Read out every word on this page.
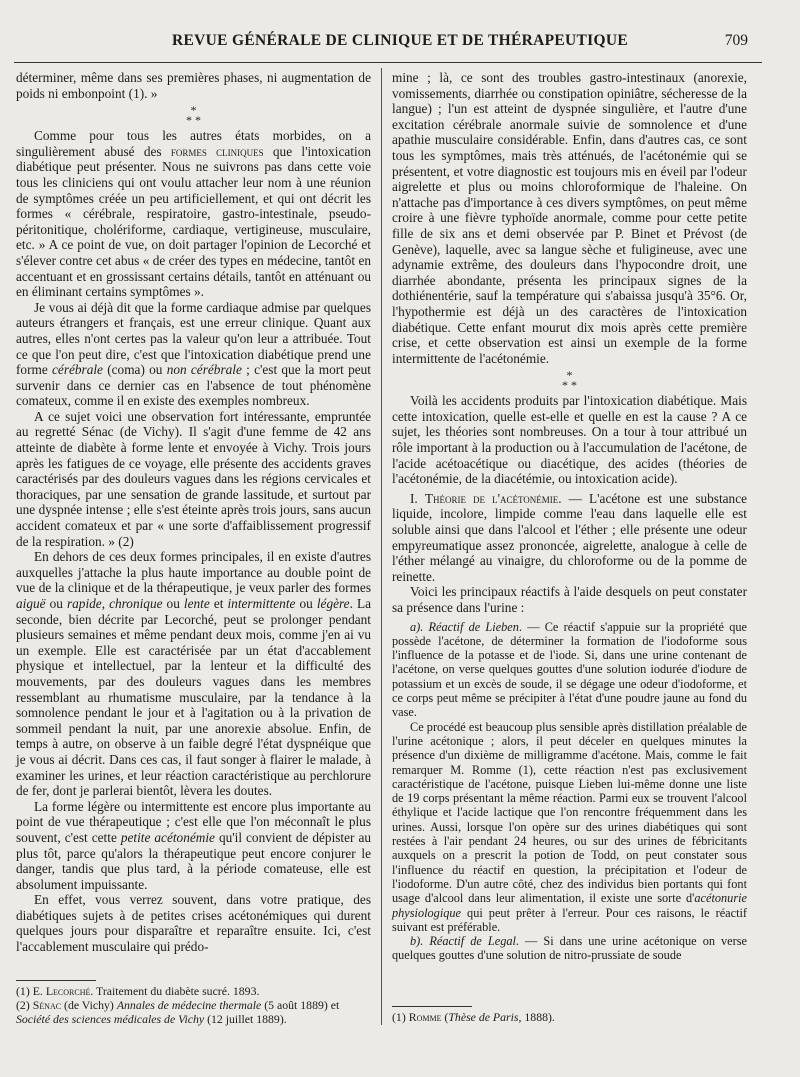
REVUE GÉNÉRALE DE CLINIQUE ET DE THÉRAPEUTIQUE	709

déterminer, même dans ses premières phases, ni augmentation de poids ni embonpoint (1). »

*
* *

Comme pour tous les autres états morbides, on a singulièrement abusé des formes cliniques que l'intoxication diabétique peut présenter. Nous ne suivrons pas dans cette voie tous les cliniciens qui ont voulu attacher leur nom à une réunion de symptômes créée un peu artificiellement, et qui ont décrit les formes « cérébrale, respiratoire, gastro-intestinale, pseudo-péritonitique, cholériforme, cardiaque, vertigineuse, musculaire, etc. » A ce point de vue, on doit partager l'opinion de Lecorché et s'élever contre cet abus « de créer des types en médecine, tantôt en accentuant et en grossissant certains détails, tantôt en atténuant ou en éliminant certains symptômes ».

Je vous ai déjà dit que la forme cardiaque admise par quelques auteurs étrangers et français, est une erreur clinique. Quant aux autres, elles n'ont certes pas la valeur qu'on leur a attribuée. Tout ce que l'on peut dire, c'est que l'intoxication diabétique prend une forme cérébrale (coma) ou non cérébrale ; c'est que la mort peut survenir dans ce dernier cas en l'absence de tout phénomène comateux, comme il en existe des exemples nombreux.

A ce sujet voici une observation fort intéressante, empruntée au regretté Sénac (de Vichy). Il s'agit d'une femme de 42 ans atteinte de diabète à forme lente et envoyée à Vichy. Trois jours après les fatigues de ce voyage, elle présente des accidents graves caractérisés par des douleurs vagues dans les régions cervicales et thoraciques, par une sensation de grande lassitude, et surtout par une dyspnée intense ; elle s'est éteinte après trois jours, sans aucun accident comateux et par « une sorte d'affaiblissement progressif de la respiration. » (2)

En dehors de ces deux formes principales, il en existe d'autres auxquelles j'attache la plus haute importance au double point de vue de la clinique et de la thérapeutique, je veux parler des formes aiguë ou rapide, chronique ou lente et intermittente ou légère. La seconde, bien décrite par Lecorché, peut se prolonger pendant plusieurs semaines et même pendant deux mois, comme j'en ai vu un exemple. Elle est caractérisée par un état d'accablement physique et intellectuel, par la lenteur et la difficulté des mouvements, par des douleurs vagues dans les membres ressemblant au rhumatisme musculaire, par la tendance à la somnolence pendant le jour et à l'agitation ou à la privation de sommeil pendant la nuit, par une anorexie absolue. Enfin, de temps à autre, on observe à un faible degré l'état dyspnéique que je vous ai décrit. Dans ces cas, il faut songer à flairer le malade, à examiner les urines, et leur réaction caractéristique au perchlorure de fer, dont je parlerai bientôt, lèvera les doutes.

La forme légère ou intermittente est encore plus importante au point de vue thérapeutique ; c'est elle que l'on méconnaît le plus souvent, c'est cette petite acétonémie qu'il convient de dépister au plus tôt, parce qu'alors la thérapeutique peut encore conjurer le danger, tandis que plus tard, à la période comateuse, elle est absolument impuissante.

En effet, vous verrez souvent, dans votre pratique, des diabétiques sujets à de petites crises acétonémiques qui durent quelques jours pour disparaître et reparaître ensuite. Ici, c'est l'accablement musculaire qui prédo-

(1) E. Lecorché. Traitement du diabète sucré. 1893.

(2) Sénac (de Vichy) Annales de médecine thermale (5 août 1889) et Société des sciences médicales de Vichy (12 juillet 1889).

mine ; là, ce sont des troubles gastro-intestinaux (anorexie, vomissements, diarrhée ou constipation opiniâtre, sécheresse de la langue) ; l'un est atteint de dyspnée singulière, et l'autre d'une excitation cérébrale anormale suivie de somnolence et d'une apathie musculaire considérable. Enfin, dans d'autres cas, ce sont tous les symptômes, mais très atténués, de l'acétonémie qui se présentent, et votre diagnostic est toujours mis en éveil par l'odeur aigrelette et plus ou moins chloroformique de l'haleine. On n'attache pas d'importance à ces divers symptômes, on peut même croire à une fièvre typhoïde anormale, comme pour cette petite fille de six ans et demi observée par P. Binet et Prévost (de Genève), laquelle, avec sa langue sèche et fuligineuse, avec une adynamie extrême, des douleurs dans l'hypocondre droit, une diarrhée abondante, présenta les principaux signes de la dothiénentérie, sauf la température qui s'abaissa jusqu'à 35°6. Or, l'hypothermie est déjà un des caractères de l'intoxication diabétique. Cette enfant mourut dix mois après cette première crise, et cette observation est ainsi un exemple de la forme intermittente de l'acétonémie.

*
* *

Voilà les accidents produits par l'intoxication diabétique. Mais cette intoxication, quelle est-elle et quelle en est la cause ? A ce sujet, les théories sont nombreuses. On a tour à tour attribué un rôle important à la production ou à l'accumulation de l'acétone, de l'acide acétoacétique ou diacétique, des acides (théories de l'acétonémie, de la diacétémie, ou intoxication acide).

I. Théorie de l'acétonémie. — L'acétone est une substance liquide, incolore, limpide comme l'eau dans laquelle elle est soluble ainsi que dans l'alcool et l'éther ; elle présente une odeur empyreumatique assez prononcée, aigrelette, analogue à celle de l'éther mélangé au vinaigre, du chloroforme ou de la pomme de reinette.

Voici les principaux réactifs à l'aide desquels on peut constater sa présence dans l'urine :

a). Réactif de Lieben. — Ce réactif s'appuie sur la propriété que possède l'acétone, de déterminer la formation de l'iodoforme sous l'influence de la potasse et de l'iode. Si, dans une urine contenant de l'acétone, on verse quelques gouttes d'une solution iodurée d'iodure de potassium et un excès de soude, il se dégage une odeur d'iodoforme, et ce corps peut même se précipiter à l'état d'une poudre jaune au fond du vase.

Ce procédé est beaucoup plus sensible après distillation préalable de l'urine acétonique ; alors, il peut déceler en quelques minutes la présence d'un dixième de milligramme d'acétone. Mais, comme le fait remarquer M. Romme (1), cette réaction n'est pas exclusivement caractéristique de l'acétone, puisque Lieben lui-même donne une liste de 19 corps présentant la même réaction. Parmi eux se trouvent l'alcool éthylique et l'acide lactique que l'on rencontre fréquemment dans les urines. Aussi, lorsque l'on opère sur des urines diabétiques qui sont restées à l'air pendant 24 heures, ou sur des urines de fébricitants auxquels on a prescrit la potion de Todd, on peut constater sous l'influence du réactif en question, la précipitation et l'odeur de l'iodoforme. D'un autre côté, chez des individus bien portants qui font usage d'alcool dans leur alimentation, il existe une sorte d'acétonurie physiologique qui peut prêter à l'erreur. Pour ces raisons, le réactif suivant est préférable.

b). Réactif de Legal. — Si dans une urine acétonique on verse quelques gouttes d'une solution de nitro-prussiate de soude

(1) Romme (Thèse de Paris, 1888).
